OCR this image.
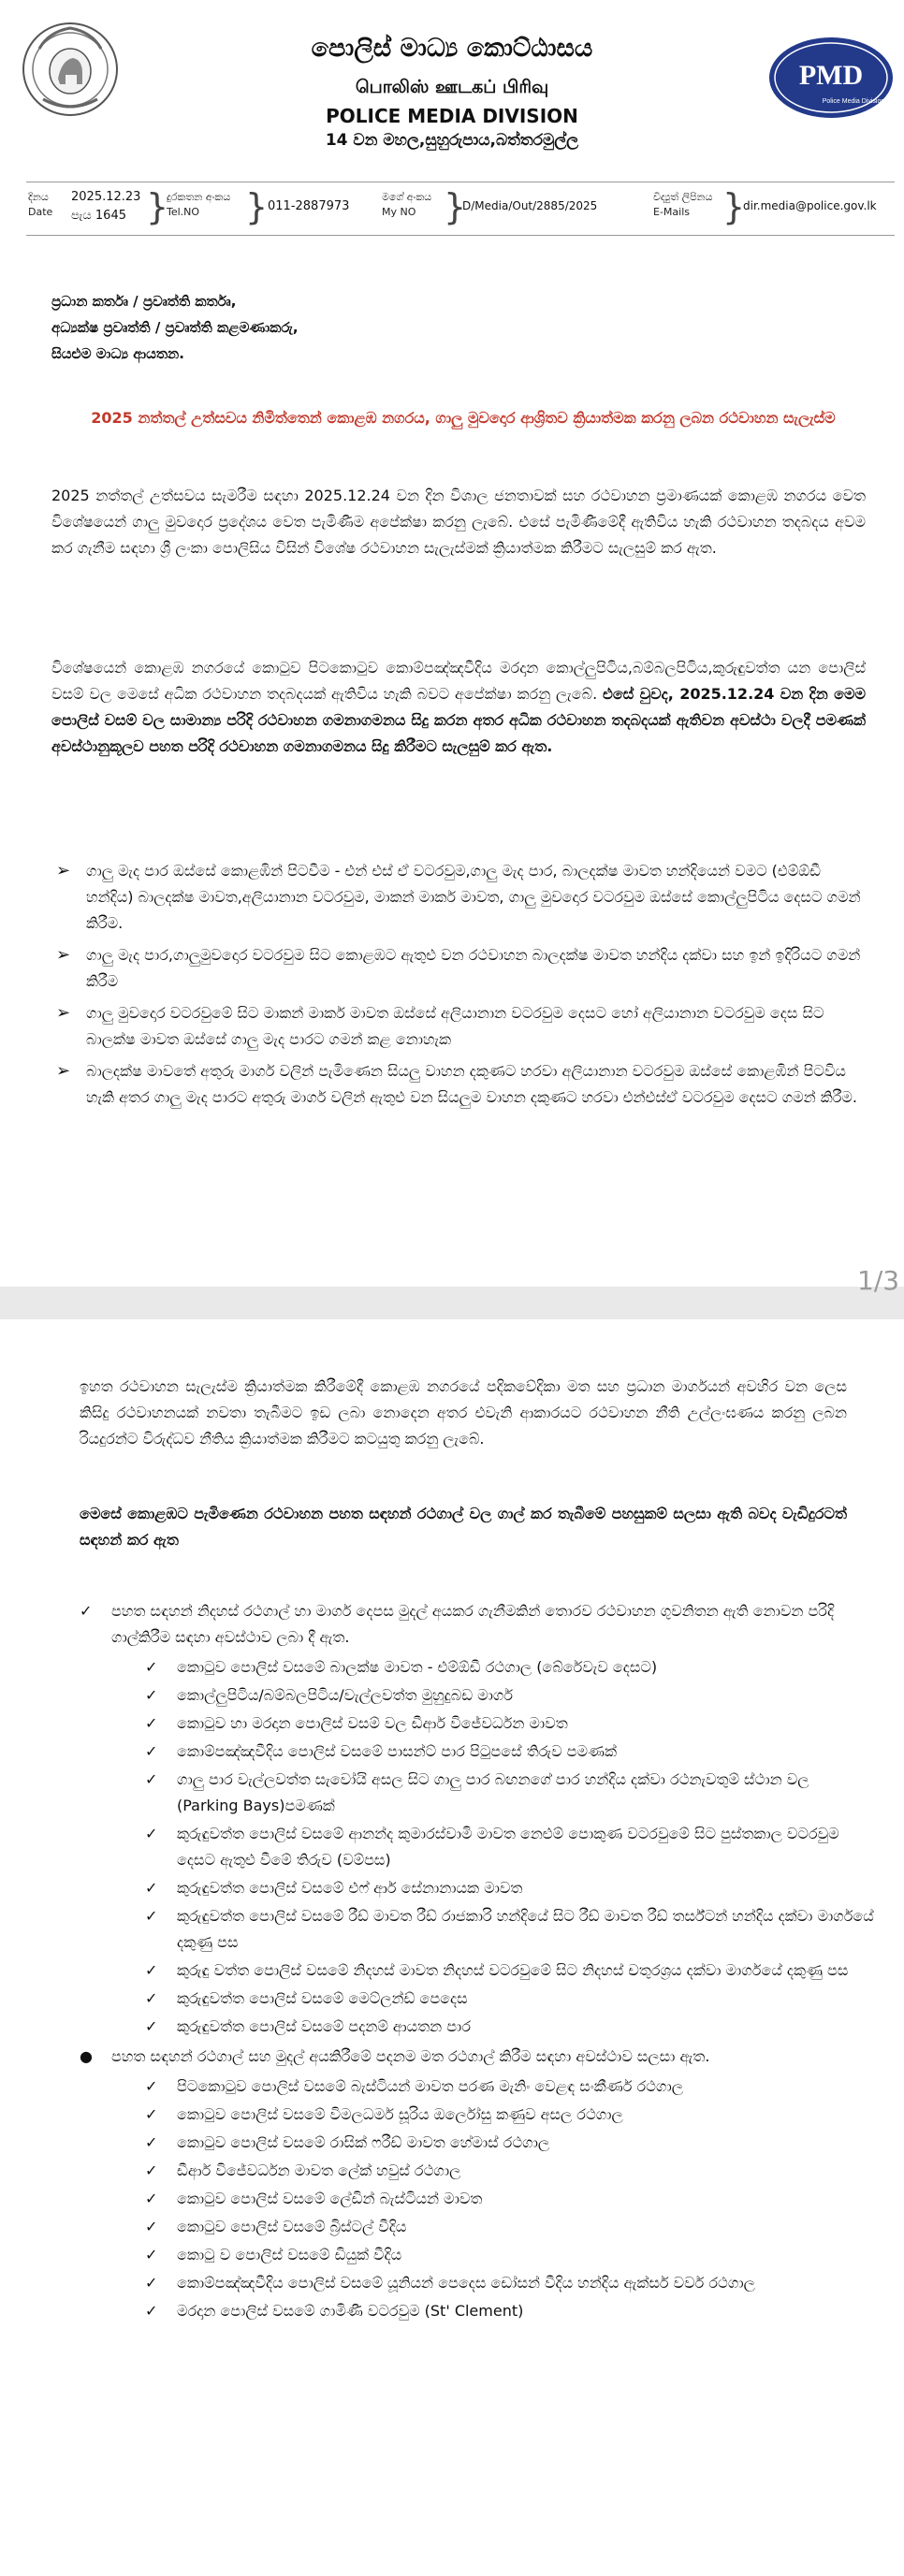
පොලිස් මාධ්‍ය කොට්ඨාසය
பொலிஸ் ஊடகப் பிரிவு
POLICE MEDIA DIVISION
14 වන මහල,සුහුරුපාය,බත්තරමුල්ල
PMD
Police Media Division
දිනය
Date
2025.12.23
පැය 1645 }
දුරකතන අංකය
Tel.NO	} 011-2887973
මගේ අංකය
My NO }
D/Media/Out/2885/2025
විද්‍යුත් ලිපිනය
E-Mails }
dir.media@police.gov.lk
ප්‍රධාන කර්තෘ / ප්‍රවෘත්ති කර්තෘ,
අධ්‍යක්ෂ ප්‍රවෘත්ති / ප්‍රවෘත්ති කළමණාකරු,
සියළුම මාධ්‍ය ආයතන.
2025 නත්තල් උත්සවය නිමිත්තෙන් කොළඹ නගරය, ගාලු මුවදොර ආශ්‍රිතව ක්‍රියාත්මක කරනු ලබන රථවාහන සැලැස්ම
2025 නත්තල් උත්සවය සැමරීම සඳහා 2025.12.24 වන දින විශාල ජනතාවක් සහ රථවාහන ප්‍රමාණයක් කොළඹ නගරය වෙත විශේෂයෙන් ගාලු මුවදොර ප්‍රදේශය වෙත පැමිණීම අපේක්ෂා කරනු ලැබේ. එසේ පැමිණීමේදී ඇතිවිය හැකි රථවාහන තදබදය අවම කර ගැනීම සඳහා ශ්‍රී ලංකා පොලිසිය විසින් විශේෂ රථවාහන සැලැස්මක් ක්‍රියාත්මක කිරීමට සැලසුම් කර ඇත.
විශේෂයෙන් කොළඹ නගරයේ කොටුව පිටකොටුව කොම්පඤ්ඤවීදිය මරදාන කොල්ලුපිටිය,බම්බලපිටිය,කුරුඳුවත්ත යන පොලිස් වසම් වල මෙසේ අධික රථවාහන තදබදයක් ඇතිවිය හැකි බවට අපේක්ෂා කරනු ලැබේ. එසේ වුවද, 2025.12.24 වන දින මෙම පොලිස් වසම් වල සාමාන්‍ය පරිදි රථවාහන ගමනාගමනය සිදු කරන අතර අධික රථවාහන තදබදයක් ඇතිවන අවස්ථා වලදී පමණක් අවස්ථානුකූලව පහත පරිදි රථවාහන ගමනාගමනය සිදු කිරීමට සැලසුම් කර ඇත.
➢	ගාලු මැද පාර ඔස්සේ කොළඹින් පිටවීම - එන් එස් ඒ වටරවුම,ගාලු මැද පාර, බාලදක්ෂ මාවත හන්දියෙන් වමට (එම්ඕඩී හන්දිය) බාලදක්ෂ මාවත,අලියානාන වටරවුම, මාකන් මාකර් මාවත, ගාලු මුවදොර වටරවුම ඔස්සේ කොල්ලුපිටිය දෙසට ගමන් කිරීම.
➢	ගාලු මැද පාර,ගාලුමුවදොර වටරවුම සිට කොළඹට ඇතුළු වන රථවාහන බාලදක්ෂ මාවත හන්දිය දක්වා සහ ඉන් ඉදිරියට ගමන් කිරීම
➢	ගාලු මුවදොර වටරවුමේ සිට මාකන් මාකර් මාවත ඔස්සේ අලියානාන වටරවුම දෙසට හෝ අලියානාන වටරවුම දෙස සිට බාලක්ෂ මාවත ඔස්සේ ගාලු මැද පාරට ගමන් කළ නොහැක
➢	බාලදක්ෂ මාවතේ අතුරු මාර්ග වලින් පැමිණෙන සියලු වාහන දකුණට හරවා අලියානාන වටරවුම ඔස්සේ කොළඹින් පිටවිය හැකි අතර ගාලු මැද පාරට අතුරු මාර්ග වලින් ඇතුළු වන සියලුම වාහන දකුණට හරවා එන්එස්ඒ වටරවුම දෙසට ගමන් කිරීම.
1/3
ඉහත රථවාහන සැලැස්ම ක්‍රියාත්මක කිරීමේදී කොළඹ නගරයේ පදිකවේදිකා මත සහ ප්‍රධාන මාර්ගයන් අවහිර වන ලෙස කිසිදු රථවාහනයක් නවතා තැබීමට ඉඩ ලබා නොදෙන අතර එවැනි ආකාරයට රථවාහන නීති උල්ලංඝණය කරනු ලබන රියදුරන්ට විරුද්ධව නීතිය ක්‍රියාත්මක කිරීමට කටයුතු කරනු ලැබේ.
මෙසේ කොළඹට පැමිණෙන රථවාහන පහත සඳහන් රථගාල් වල ගාල් කර තැබීමේ පහසුකම් සලසා ඇති බවද වැඩිදුරටත් සඳහන් කර ඇත
✓	පහත සඳහන් නිදහස් රථගාල් හා මාර්ග දෙපස මුදල් අයකර ගැනීමකින් තොරව රථවාහන ගුවනිතන ඇති නොවන පරිදි ගාල්කිරීම සඳහා අවස්ථාව ලබා දී ඇත.
✓	කොටුව පොලිස් වසමේ බාලක්ෂ මාවත - එම්ඕඩී රථගාල (බේරේවැව දෙසට)
✓	කොල්ලුපිටිය/බම්බලපිටිය/වැල්ලවත්ත මුහුදුබඩ මාර්ග
✓	කොටුව හා මරදාන පොලිස් වසම් වල ඩීආර් විජේවර්ධන මාවත
✓	කොම්පඤ්ඤවීදිය පොලිස් වසමේ පාසන්ට් පාර පිටුපසේ තිරුව පමණක්
✓	ගාලු පාර වැල්ලවත්ත සැවෝයි අසල සිට ගාලු පාර බඟනගේ පාර හන්දිය දක්වා රථනැවතුම් ස්ථාන වල (Parking Bays)පමණක්
✓	කුරුඳුවත්ත පොලිස් වසමේ ආනන්ද කුමාරස්වාමි මාවත නෙළුම් පොකුණ වටරවුමේ සිට පුස්තකාල වටරවුම දෙසට ඇතුළු වීමේ තිරුව (වම්පස)
✓	කුරුඳුවත්ත පොලිස් වසමේ එෆ් ආර් සේනානායක මාවත
✓	කුරුඳුවත්ත පොලිස් වසමේ රීඩ් මාවත රීඩ් රාජකාරි හන්දියේ සිට රීඩ් මාවත රීඩ් තර්ස්ටන් හන්දිය දක්වා මාර්ගයේ දකුණු පස
✓	කුරුඳු වත්ත පොලිස් වසමේ නිදහස් මාවත නිදහස් වටරවුමේ සිට නිදහස් චතුරශ්‍රය දක්වා මාර්ගයේ දකුණු පස
✓	කුරුඳුවත්ත පොලිස් වසමේ මෙට්ලන්ඩ් පෙදෙස
✓	කුරුඳුවත්ත පොලිස් වසමේ පදනම් ආයතන පාර
●	පහත සඳහන් රථගාල් සහ මුදල් අයකිරීමේ පදනම මත රථගාල් කිරීම සඳහා අවස්ථාව සලසා ඇත.
✓	පිටකොටුව පොලිස් වසමේ බැස්ටියන් මාවත පරණ මැනිං වෙළඳ සංකීර්ණ රථගාල
✓	කොටුව පොලිස් වසමේ විමලධර්ම සූරිය ඔර්ලෝසු කණුව අසල රථගාල
✓	කොටුව පොලිස් වසමේ රාසික් ෆරීඩ් මාවත හේමාස් රථගාල
✓	ඩීආර් විජේවර්ධන මාවත ලේක් හවුස් රථගාල
✓	කොටුව පොලිස් වසමේ ලේඩින් බැස්ටියන් මාවත
✓	කොටුව පොලිස් වසමේ බ්‍රිස්ටල් වීදිය
✓	කොටු ව පොලිස් වසමේ ඩියුක් වීදිය
✓	කොම්පඤ්ඤවීදිය පොලිස් වසමේ යූනියන් පෙදෙස ඩෝසන් වීදිය හන්දිය ඇක්සර් වවර් රථගාල
✓	මරදාන පොලිස් වසමේ ගාමිණී වටරවුම (St' Clement)
